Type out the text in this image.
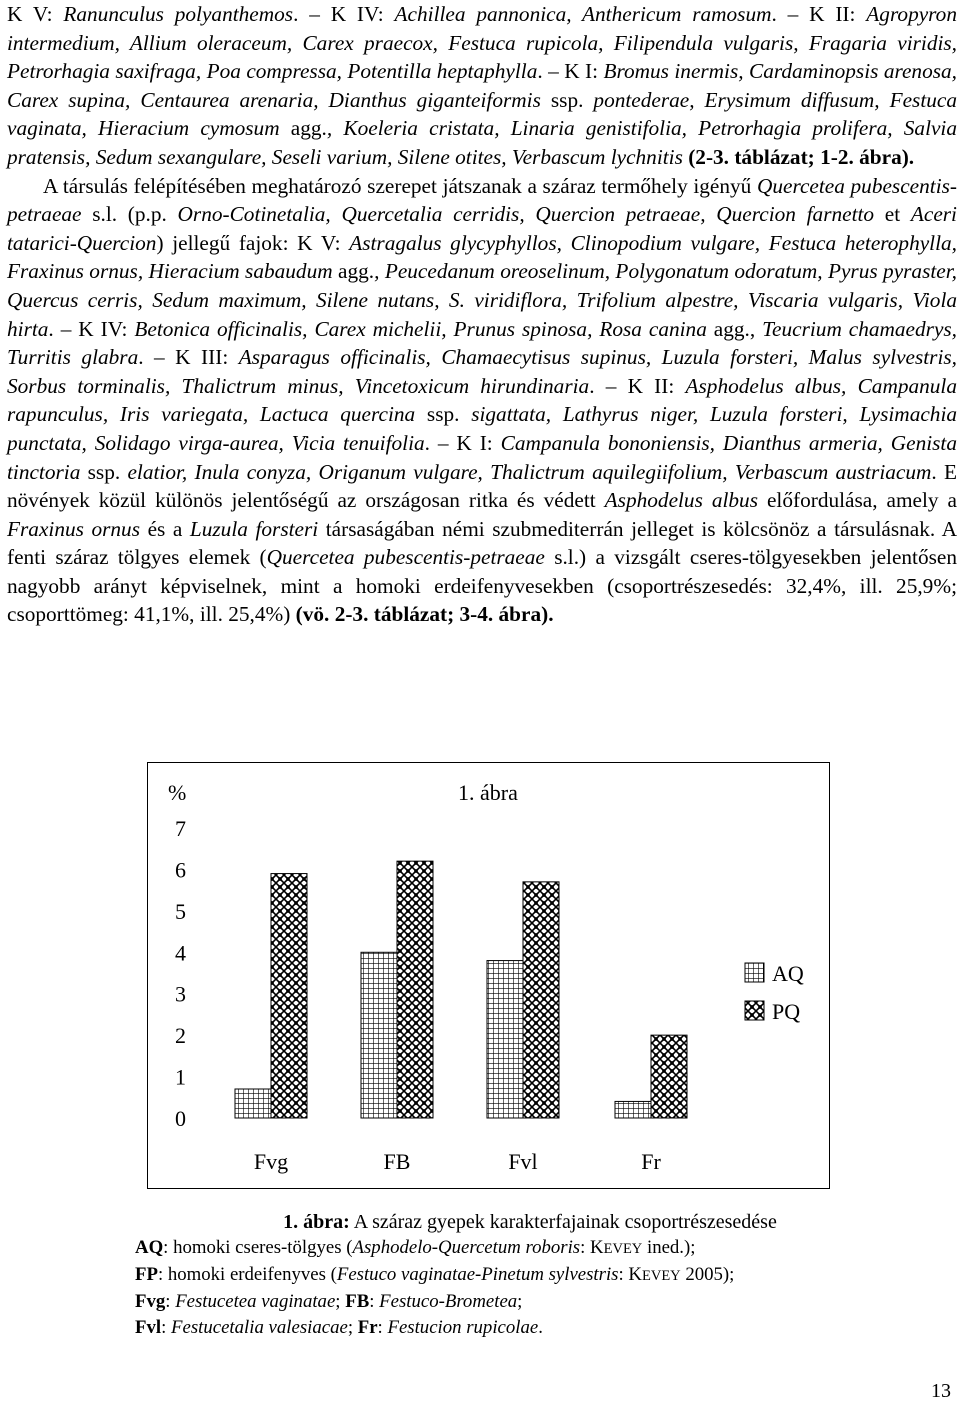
K V: Ranunculus polyanthemos. – K IV: Achillea pannonica, Anthericum ramosum. – K II: Agropyron intermedium, Allium oleraceum, Carex praecox, Festuca rupicola, Filipendula vulgaris, Fragaria viridis, Petrorhagia saxifraga, Poa compressa, Potentilla heptaphylla. – K I: Bromus inermis, Cardaminopsis arenosa, Carex supina, Centaurea arenaria, Dianthus giganteiformis ssp. pontederae, Erysimum diffusum, Festuca vaginata, Hieracium cymosum agg., Koeleria cristata, Linaria genistifolia, Petrorhagia prolifera, Salvia pratensis, Sedum sexangulare, Seseli varium, Silene otites, Verbascum lychnitis (2-3. táblázat; 1-2. ábra).

A társulás felépítésében meghatározó szerepet játszanak a száraz termőhely igényű Quercetea pubescentis-petraeae s.l. (p.p. Orno-Cotinetalia, Quercetalia cerridis, Quercion petraeae, Quercion farnetto et Aceri tatarici-Quercion) jellegű fajok: K V: Astragalus glycyphyllos, Clinopodium vulgare, Festuca heterophylla, Fraxinus ornus, Hieracium sabaudum agg., Peucedanum oreoselinum, Polygonatum odoratum, Pyrus pyraster, Quercus cerris, Sedum maximum, Silene nutans, S. viridiflora, Trifolium alpestre, Viscaria vulgaris, Viola hirta. – K IV: Betonica officinalis, Carex michelii, Prunus spinosa, Rosa canina agg., Teucrium chamaedrys, Turritis glabra. – K III: Asparagus officinalis, Chamaecytisus supinus, Luzula forsteri, Malus sylvestris, Sorbus torminalis, Thalictrum minus, Vincetoxicum hirundinaria. – K II: Asphodelus albus, Campanula rapunculus, Iris variegata, Lactuca quercina ssp. sigattata, Lathyrus niger, Luzula forsteri, Lysimachia punctata, Solidago virga-aurea, Vicia tenuifolia. – K I: Campanula bononiensis, Dianthus armeria, Genista tinctoria ssp. elatior, Inula conyza, Origanum vulgare, Thalictrum aquilegiifolium, Verbascum austriacum. E növények közül különös jelentőségű az országosan ritka és védett Asphodelus albus előfordulása, amely a Fraxinus ornus és a Luzula forsteri társaságában némi szubmediterrán jelleget is kölcsönöz a társulásnak. A fenti száraz tölgyes elemek (Quercetea pubescentis-petraeae s.l.) a vizsgált cseres-tölgyesekben jelentősen nagyobb arányt képviselnek, mint a homoki erdeifenyvesekben (csoportrészesedés: 32,4%, ill. 25,9%; csoporttömeg: 41,1%, ill. 25,4%) (vö. 2-3. táblázat; 3-4. ábra).

1. ábra
%
0
1
2
3
4
5
6
7
Fvg	FB	Fvl	Fr
AQ
PQ
1. ábra: A száraz gyepek karakterfajainak csoportrészesedése

AQ: homoki cseres-tölgyes (Asphodelo-Quercetum roboris: KEVEY ined.);

FP: homoki erdeifenyves (Festuco vaginatae-Pinetum sylvestris: KEVEY 2005);

Fvg: Festucetea vaginatae; FB: Festuco-Brometea;

Fvl: Festucetalia valesiacae; Fr: Festucion rupicolae.

13
